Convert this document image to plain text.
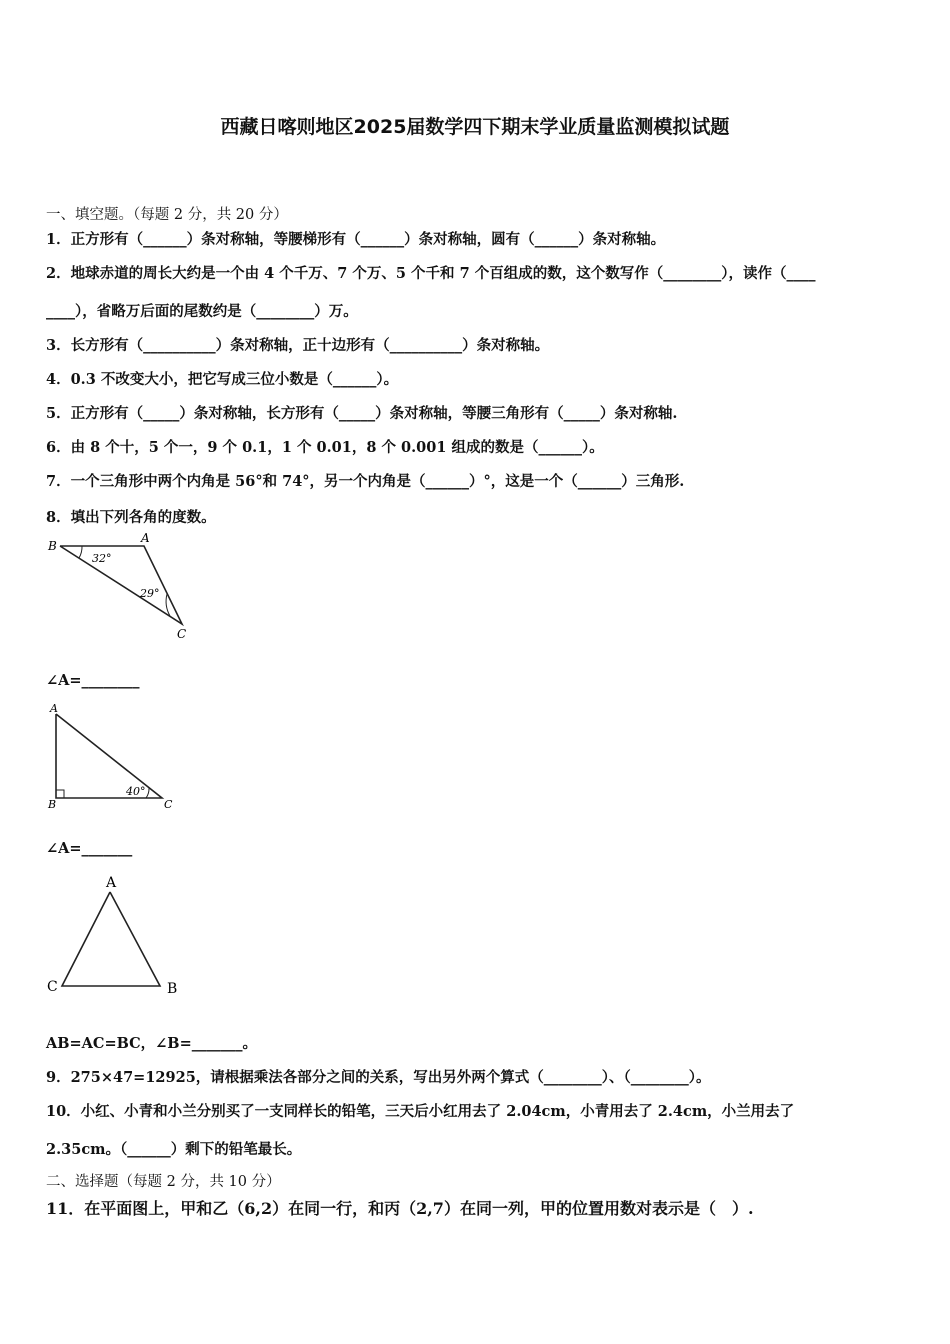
西藏日喀则地区2025届数学四下期末学业质量监测模拟试题
一、填空题。（每题 2 分，共 20 分）
1．正方形有（______）条对称轴，等腰梯形有（______）条对称轴，圆有（______）条对称轴。
2．地球赤道的周长大约是一个由 4 个千万、7 个万、5 个千和 7 个百组成的数，这个数写作（________），读作（____
____），省略万后面的尾数约是（________）万。
3．长方形有（__________）条对称轴，正十边形有（__________）条对称轴。
4．0.3 不改变大小，把它写成三位小数是（______）。
5．正方形有（_____）条对称轴，长方形有（_____）条对称轴，等腰三角形有（_____）条对称轴.
6．由 8 个十，5 个一，9 个 0.1，1 个 0.01，8 个 0.001 组成的数是（______）。
7．一个三角形中两个内角是 56°和 74°，另一个内角是（______）°，这是一个（______）三角形.
8．填出下列各角的度数。
B
A
C
32°
29°
∠A=________
A
B	C
40°
∠A=_______
A
C	B
AB=AC=BC，∠B=_______。
9．275×47=12925，请根据乘法各部分之间的关系，写出另外两个算式（________）、（________）。
10．小红、小青和小兰分别买了一支同样长的铅笔，三天后小红用去了 2.04cm，小青用去了 2.4cm，小兰用去了
2.35cm。（______）剩下的铅笔最长。
二、选择题（每题 2 分，共 10 分）
11．在平面图上，甲和乙（6,2）在同一行，和丙（2,7）在同一列，甲的位置用数对表示是（　）.
